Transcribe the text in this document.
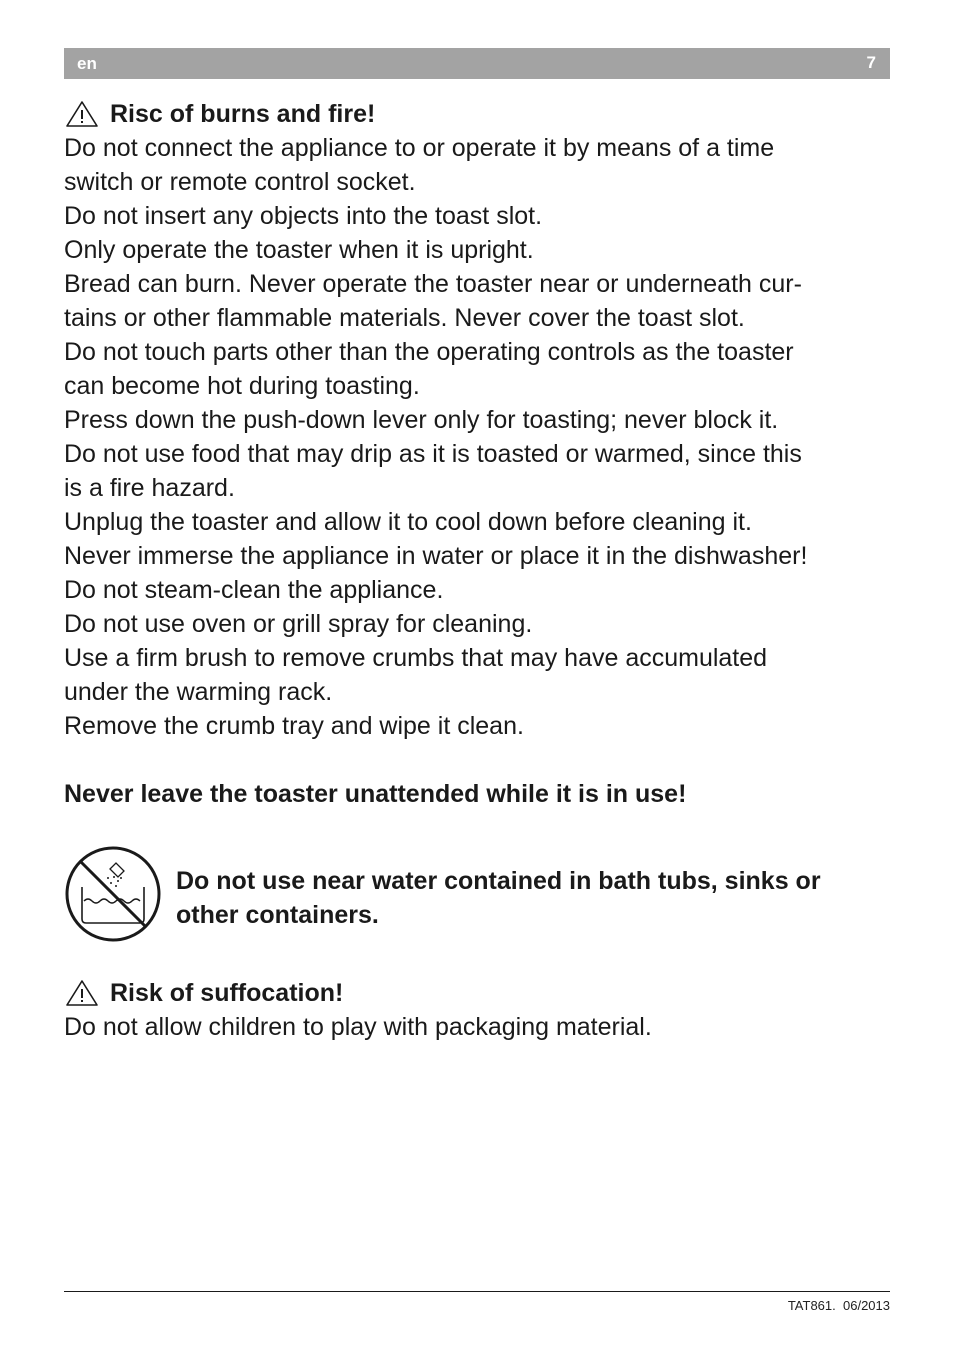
en	7
Risc of burns and fire!
Do not connect the appliance to or operate it by means of a time
switch or remote control socket.
Do not insert any objects into the toast slot.
Only operate the toaster when it is upright.
Bread can burn. Never operate the toaster near or underneath cur-
tains or other flammable materials. Never cover the toast slot.
Do not touch parts other than the operating controls as the toaster
can become hot during toasting.
Press down the push-down lever only for toasting; never block it.
Do not use food that may drip as it is toasted or warmed, since this
is a fire hazard.
Unplug the toaster and allow it to cool down before cleaning it.
Never immerse the appliance in water or place it in the dishwasher!
Do not steam-clean the appliance.
Do not use oven or grill spray for cleaning.
Use a firm brush to remove crumbs that may have accumulated
under the warming rack.
Remove the crumb tray and wipe it clean.
Never leave the toaster unattended while it is in use!
Do not use near water contained in bath tubs, sinks or
other containers.
Risk of suffocation!
Do not allow children to play with packaging material.
TAT861. 06/2013
